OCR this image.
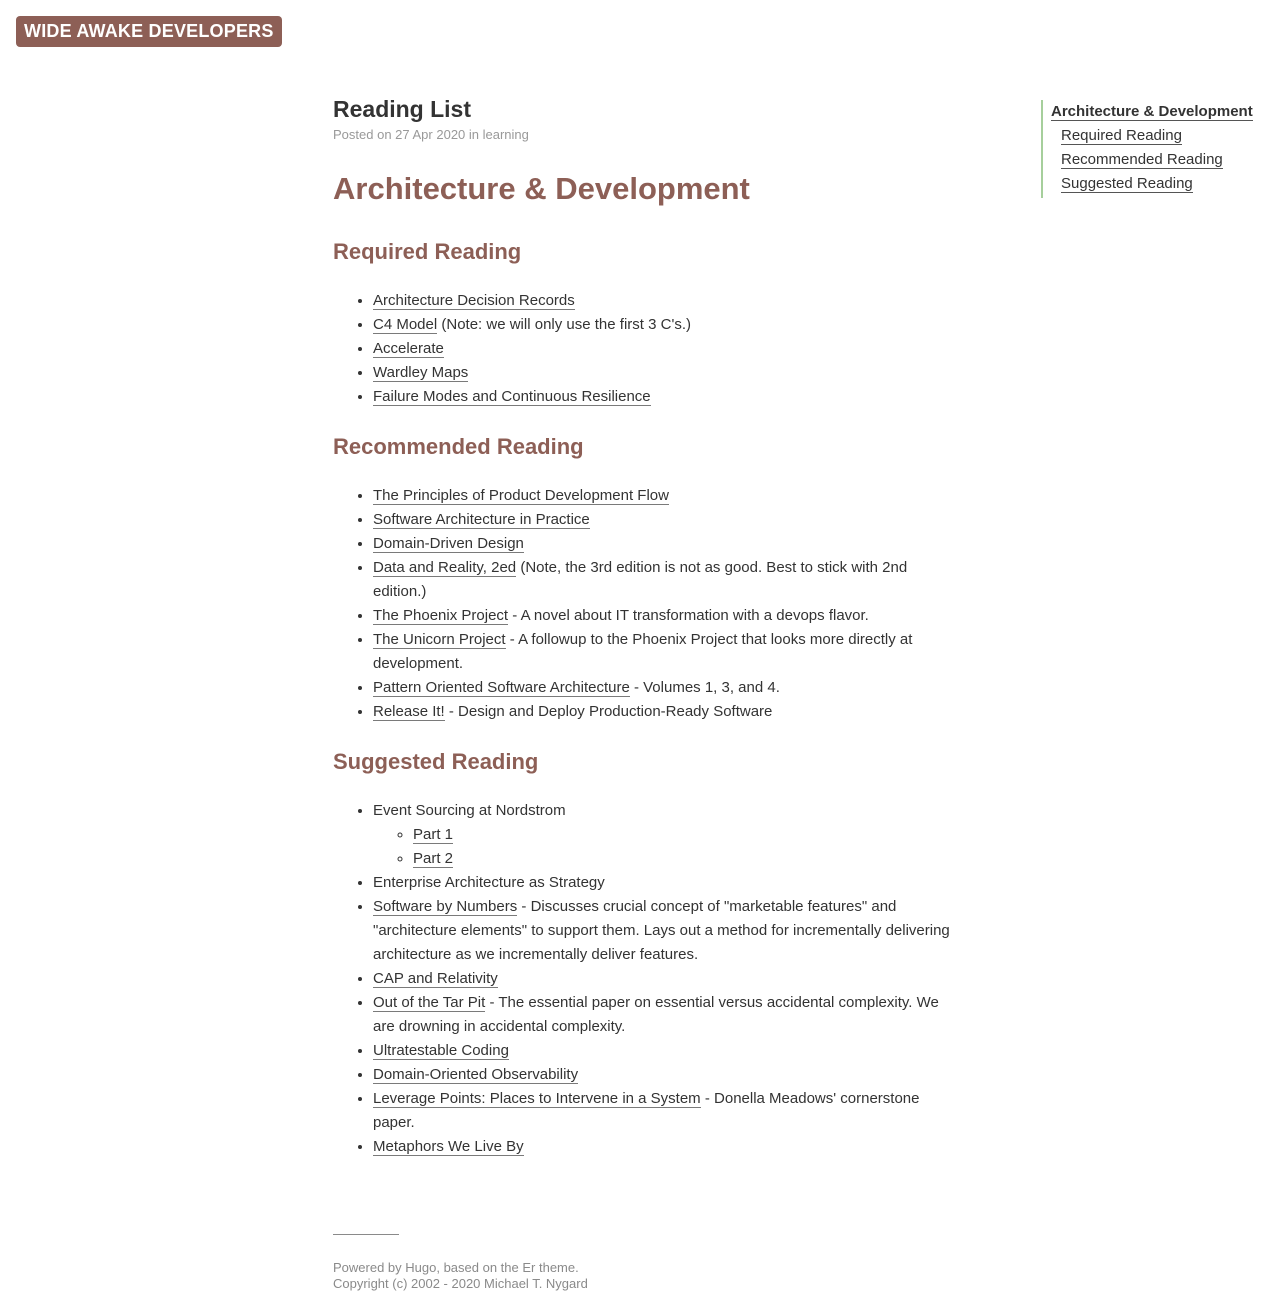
WIDE AWAKE DEVELOPERS
Architecture & Development
Required Reading
Recommended Reading
Suggested Reading
Reading List
Posted on 27 Apr 2020 in learning
Architecture & Development
Required Reading
• Architecture Decision Records
• C4 Model (Note: we will only use the first 3 C's.)
• Accelerate
• Wardley Maps
• Failure Modes and Continuous Resilience
Recommended Reading
• The Principles of Product Development Flow
• Software Architecture in Practice
• Domain-Driven Design
• Data and Reality, 2ed (Note, the 3rd edition is not as good. Best to stick with 2nd edition.)
• The Phoenix Project - A novel about IT transformation with a devops flavor.
• The Unicorn Project - A followup to the Phoenix Project that looks more directly at development.
• Pattern Oriented Software Architecture - Volumes 1, 3, and 4.
• Release It! - Design and Deploy Production-Ready Software
Suggested Reading
• Event Sourcing at Nordstrom
◦ Part 1
◦ Part 2
• Enterprise Architecture as Strategy
• Software by Numbers - Discusses crucial concept of "marketable features" and "architecture elements" to support them. Lays out a method for incrementally delivering architecture as we incrementally deliver features.
• CAP and Relativity
• Out of the Tar Pit - The essential paper on essential versus accidental complexity. We are drowning in accidental complexity.
• Ultratestable Coding
• Domain-Oriented Observability
• Leverage Points: Places to Intervene in a System - Donella Meadows' cornerstone paper.
• Metaphors We Live By
Powered by Hugo, based on the Er theme.
Copyright (c) 2002 - 2020 Michael T. Nygard
